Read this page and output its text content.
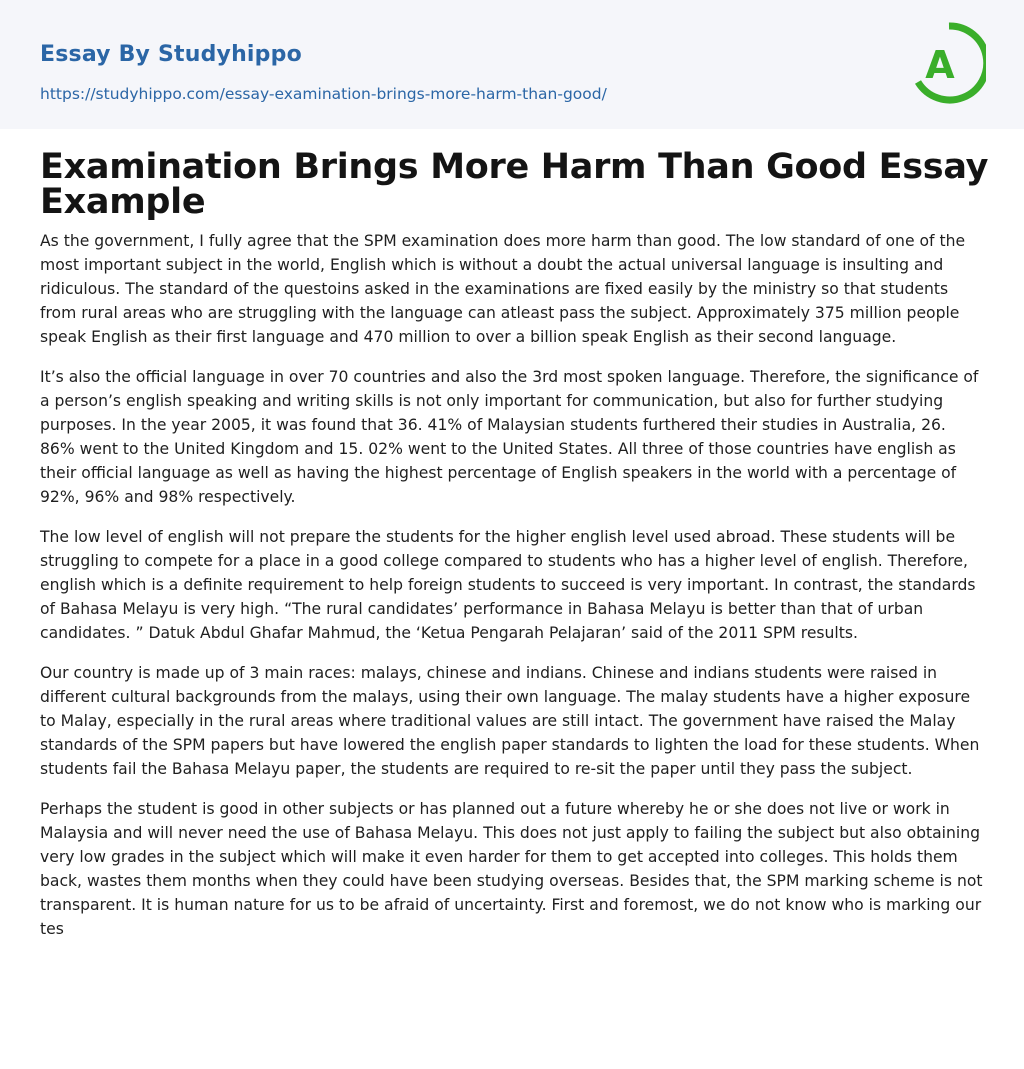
Essay By Studyhippo
https://studyhippo.com/essay-examination-brings-more-harm-than-good/
A
Examination Brings More Harm Than Good Essay Example

As the government, I fully agree that the SPM examination does more harm than good. The low standard of one of the most important subject in the world, English which is without a doubt the actual universal language is insulting and ridiculous. The standard of the questoins asked in the examinations are fixed easily by the ministry so that students from rural areas who are struggling with the language can atleast pass the subject. Approximately 375 million people speak English as their first language and 470 million to over a billion speak English as their second language.

It’s also the official language in over 70 countries and also the 3rd most spoken language. Therefore, the significance of a person’s english speaking and writing skills is not only important for communication, but also for further studying purposes. In the year 2005, it was found that 36. 41% of Malaysian students furthered their studies in Australia, 26. 86% went to the United Kingdom and 15. 02% went to the United States. All three of those countries have english as their official language as well as having the highest percentage of English speakers in the world with a percentage of 92%, 96% and 98% respectively.

The low level of english will not prepare the students for the higher english level used abroad. These students will be struggling to compete for a place in a good college compared to students who has a higher level of english. Therefore, english which is a definite requirement to help foreign students to succeed is very important. In contrast, the standards of Bahasa Melayu is very high. “The rural candidates’ performance in Bahasa Melayu is better than that of urban candidates. ” Datuk Abdul Ghafar Mahmud, the ‘Ketua Pengarah Pelajaran’ said of the 2011 SPM results.

Our country is made up of 3 main races: malays, chinese and indians. Chinese and indians students were raised in different cultural backgrounds from the malays, using their own language. The malay students have a higher exposure to Malay, especially in the rural areas where traditional values are still intact. The government have raised the Malay standards of the SPM papers but have lowered the english paper standards to lighten the load for these students. When students fail the Bahasa Melayu paper, the students are required to re-sit the paper until they pass the subject.

Perhaps the student is good in other subjects or has planned out a future whereby he or she does not live or work in Malaysia and will never need the use of Bahasa Melayu. This does not just apply to failing the subject but also obtaining very low grades in the subject which will make it even harder for them to get accepted into colleges. This holds them back, wastes them months when they could have been studying overseas. Besides that, the SPM marking scheme is not transparent. It is human nature for us to be afraid of uncertainty. First and foremost, we do not know who is marking our tes
